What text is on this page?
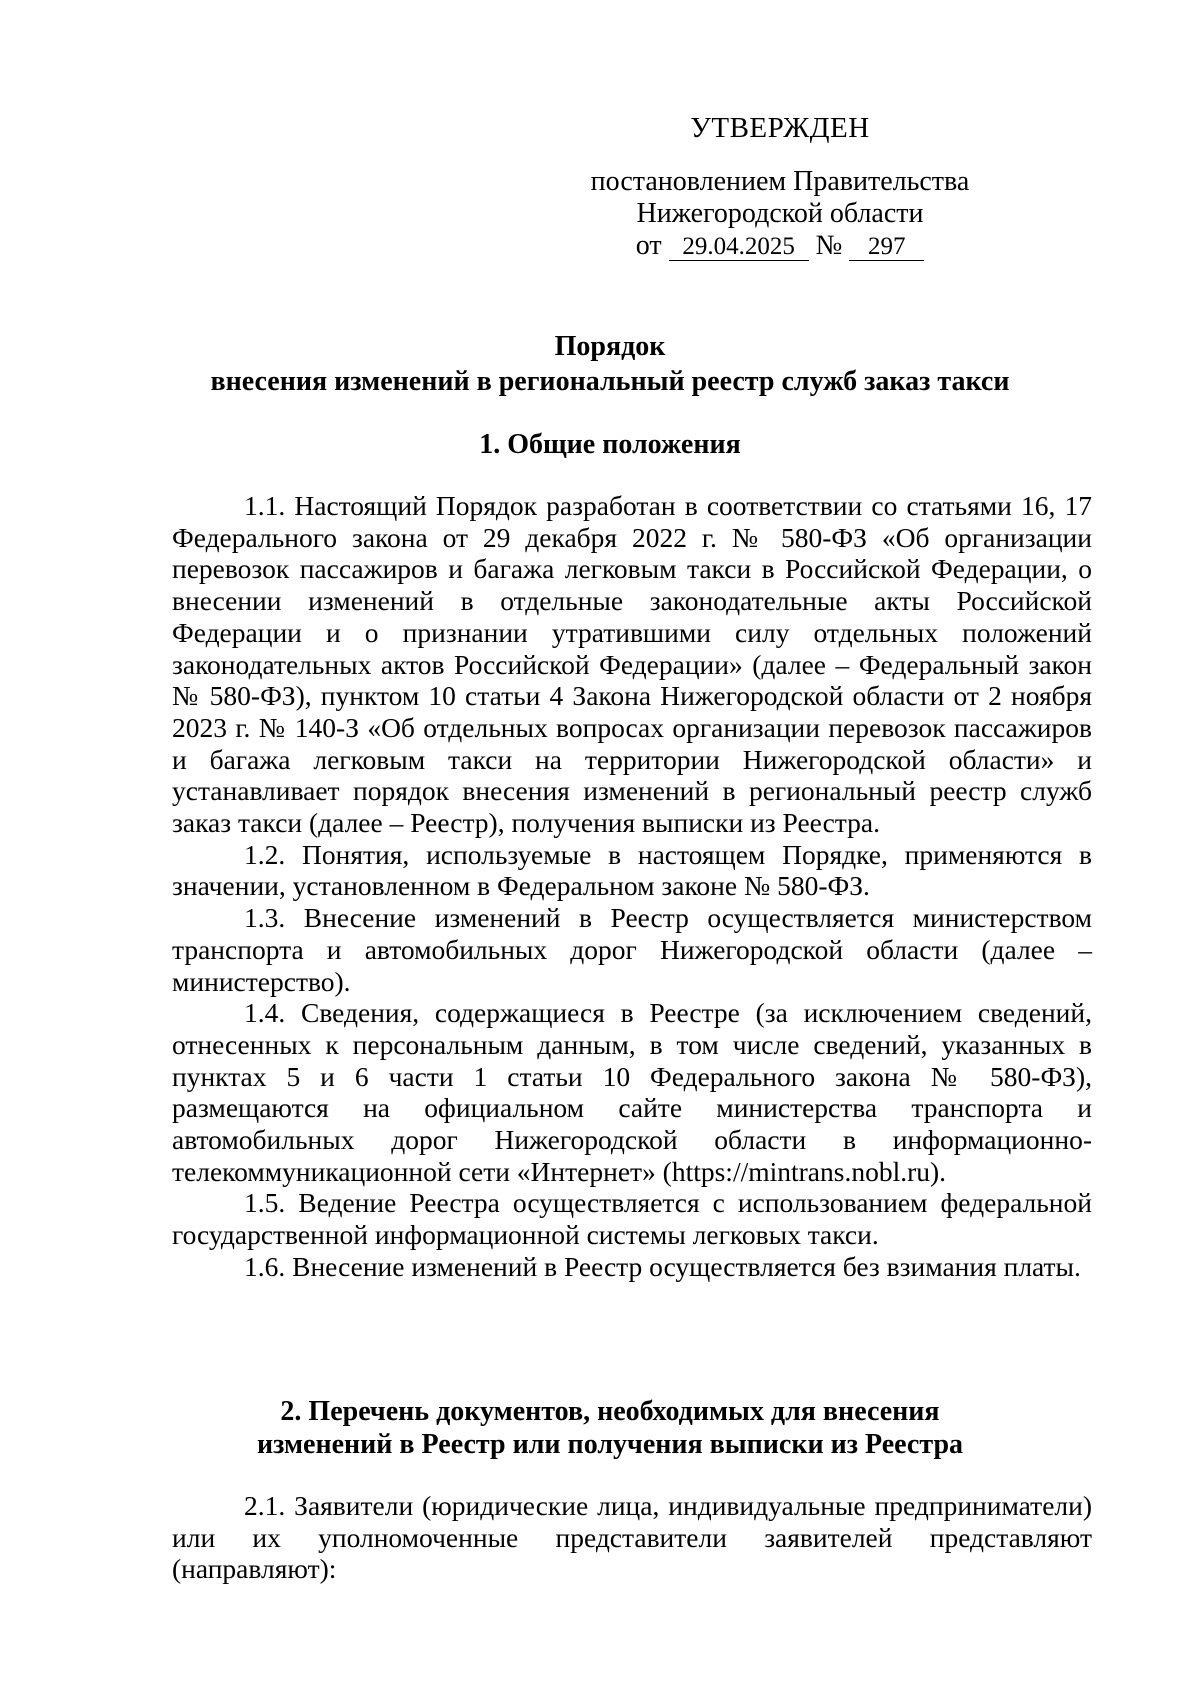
УТВЕРЖДЕН
постановлением Правительства
Нижегородской области
от 29.04.2025 № 297
Порядок
внесения изменений в региональный реестр служб заказ такси
1. Общие положения

1.1. Настоящий Порядок разработан в соответствии со статьями 16, 17 Федерального закона от 29 декабря 2022 г. № 580-ФЗ «Об организации перевозок пассажиров и багажа легковым такси в Российской Федерации, о внесении изменений в отдельные законодательные акты Российской Федерации и о признании утратившими силу отдельных положений законодательных актов Российской Федерации» (далее – Федеральный закон № 580-ФЗ), пунктом 10 статьи 4 Закона Нижегородской области от 2 ноября 2023 г. № 140-З «Об отдельных вопросах организации перевозок пассажиров и багажа легковым такси на территории Нижегородской области» и устанавливает порядок внесения изменений в региональный реестр служб заказ такси (далее – Реестр), получения выписки из Реестра.

1.2. Понятия, используемые в настоящем Порядке, применяются в значении, установленном в Федеральном законе № 580-ФЗ.

1.3. Внесение изменений в Реестр осуществляется министерством транспорта и автомобильных дорог Нижегородской области (далее – министерство).

1.4. Сведения, содержащиеся в Реестре (за исключением сведений, отнесенных к персональным данным, в том числе сведений, указанных в пунктах 5 и 6 части 1 статьи 10 Федерального закона № 580-ФЗ), размещаются на официальном сайте министерства транспорта и автомобильных дорог Нижегородской области в информационно-телекоммуникационной сети «Интернет» (https://mintrans.nobl.ru).

1.5. Ведение Реестра осуществляется с использованием федеральной государственной информационной системы легковых такси.

1.6. Внесение изменений в Реестр осуществляется без взимания платы.

2. Перечень документов, необходимых для внесения
изменений в Реестр или получения выписки из Реестра

2.1. Заявители (юридические лица, индивидуальные предприниматели) или их уполномоченные представители заявителей представляют (направляют):
